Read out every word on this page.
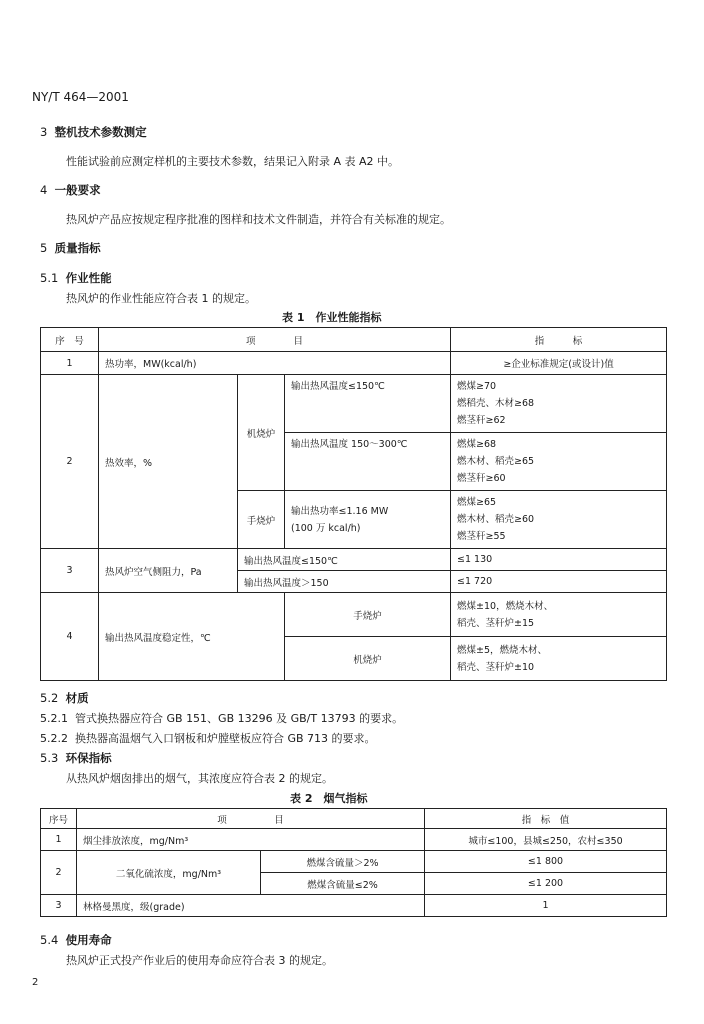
NY/T 464—2001
3 整机技术参数测定
性能试验前应测定样机的主要技术参数，结果记入附录 A 表 A2 中。
4 一般要求
热风炉产品应按规定程序批准的图样和技术文件制造，并符合有关标准的规定。
5 质量指标
5.1 作业性能
热风炉的作业性能应符合表 1 的规定。
表 1　作业性能指标
序　号	项　　　　目			指　　　标
1	热功率，MW(kcal/h)			≥企业标准规定(或设计)值
2	热效率，%	机烧炉	输出热风温度≤150℃	燃煤≥70
燃稻壳、木材≥68
燃茎秆≥62

			输出热风温度 150～300℃	燃煤≥68
燃木材、稻壳≥65
燃茎秆≥60

		手烧炉	输出热功率≤1.16 MW
(100 万 kcal/h)	燃煤≥65
燃木材、稻壳≥60
燃茎秆≥55

3	热风炉空气侧阻力，Pa	输出热风温度≤150℃		≤1 130
		输出热风温度＞150		≤1 720
4	输出热风温度稳定性，℃		手烧炉	燃煤±10，燃烧木材、
稻壳、茎秆炉±15

			机烧炉	燃煤±5，燃烧木材、
稻壳、茎秆炉±10
5.2 材质
5.2.1 管式换热器应符合 GB 151、GB 13296 及 GB/T 13793 的要求。
5.2.2 换热器高温烟气入口钢板和炉膛壁板应符合 GB 713 的要求。
5.3 环保指标
从热风炉烟囱排出的烟气，其浓度应符合表 2 的规定。
表 2　烟气指标
序号	项　　　　　目		指　标　值
1	烟尘排放浓度，mg/Nm³		城市≤100，县城≤250，农村≤350
2	二氧化硫浓度，mg/Nm³	燃煤含硫量＞2%	≤1 800
		燃煤含硫量≤2%	≤1 200
3	林格曼黑度，级(grade)		1
5.4 使用寿命
热风炉正式投产作业后的使用寿命应符合表 3 的规定。
2
